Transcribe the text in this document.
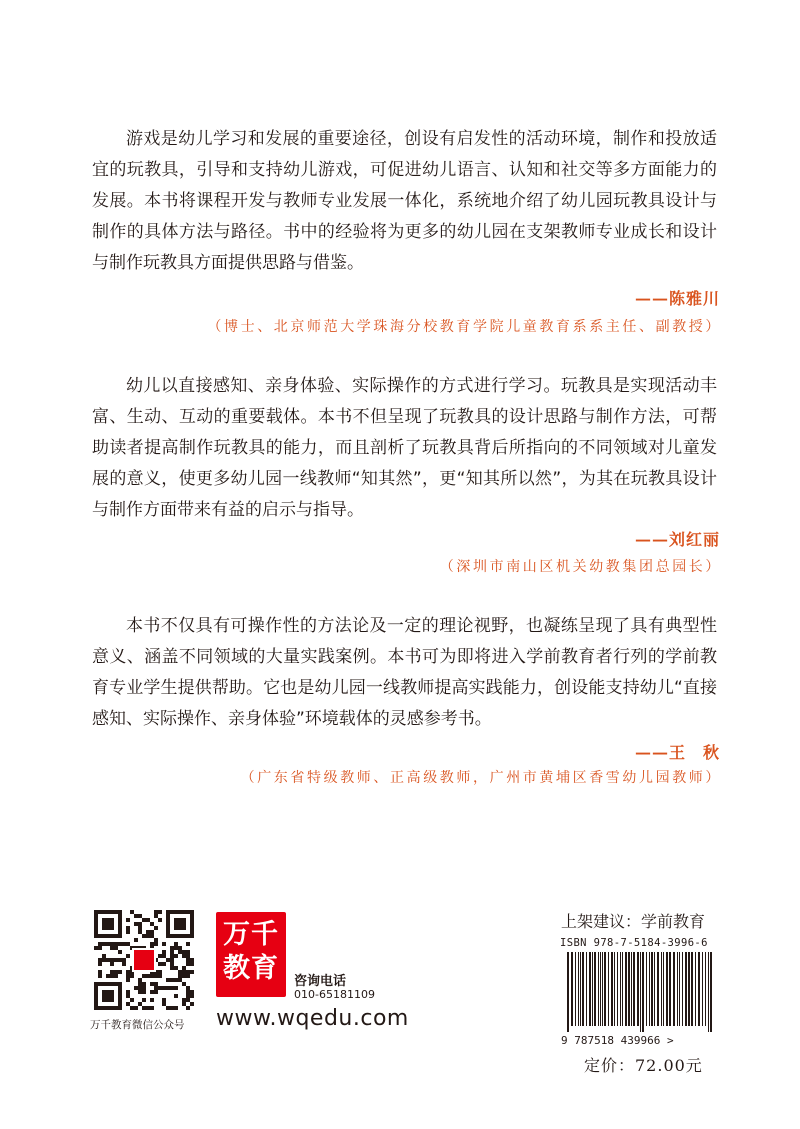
游戏是幼儿学习和发展的重要途径，创设有启发性的活动环境，制作和投放适宜的玩教具，引导和支持幼儿游戏，可促进幼儿语言、认知和社交等多方面能力的发展。本书将课程开发与教师专业发展一体化，系统地介绍了幼儿园玩教具设计与制作的具体方法与路径。书中的经验将为更多的幼儿园在支架教师专业成长和设计与制作玩教具方面提供思路与借鉴。

——陈雅川
（博士、北京师范大学珠海分校教育学院儿童教育系系主任、副教授）

幼儿以直接感知、亲身体验、实际操作的方式进行学习。玩教具是实现活动丰富、生动、互动的重要载体。本书不但呈现了玩教具的设计思路与制作方法，可帮助读者提高制作玩教具的能力，而且剖析了玩教具背后所指向的不同领域对儿童发展的意义，使更多幼儿园一线教师“知其然”，更“知其所以然”，为其在玩教具设计与制作方面带来有益的启示与指导。

——刘红丽
（深圳市南山区机关幼教集团总园长）

本书不仅具有可操作性的方法论及一定的理论视野，也凝练呈现了具有典型性意义、涵盖不同领域的大量实践案例。本书可为即将进入学前教育者行列的学前教育专业学生提供帮助。它也是幼儿园一线教师提高实践能力，创设能支持幼儿“直接感知、实际操作、亲身体验”环境载体的灵感参考书。

——王　秋
（广东省特级教师、正高级教师，广州市黄埔区香雪幼儿园教师）
万千教育微信公众号
万千
教育	咨询电话
010-65181109
www.wqedu.com
上架建议：学前教育
ISBN 978-7-5184-3996-6
9 787518 439966 >
定价：72.00元
